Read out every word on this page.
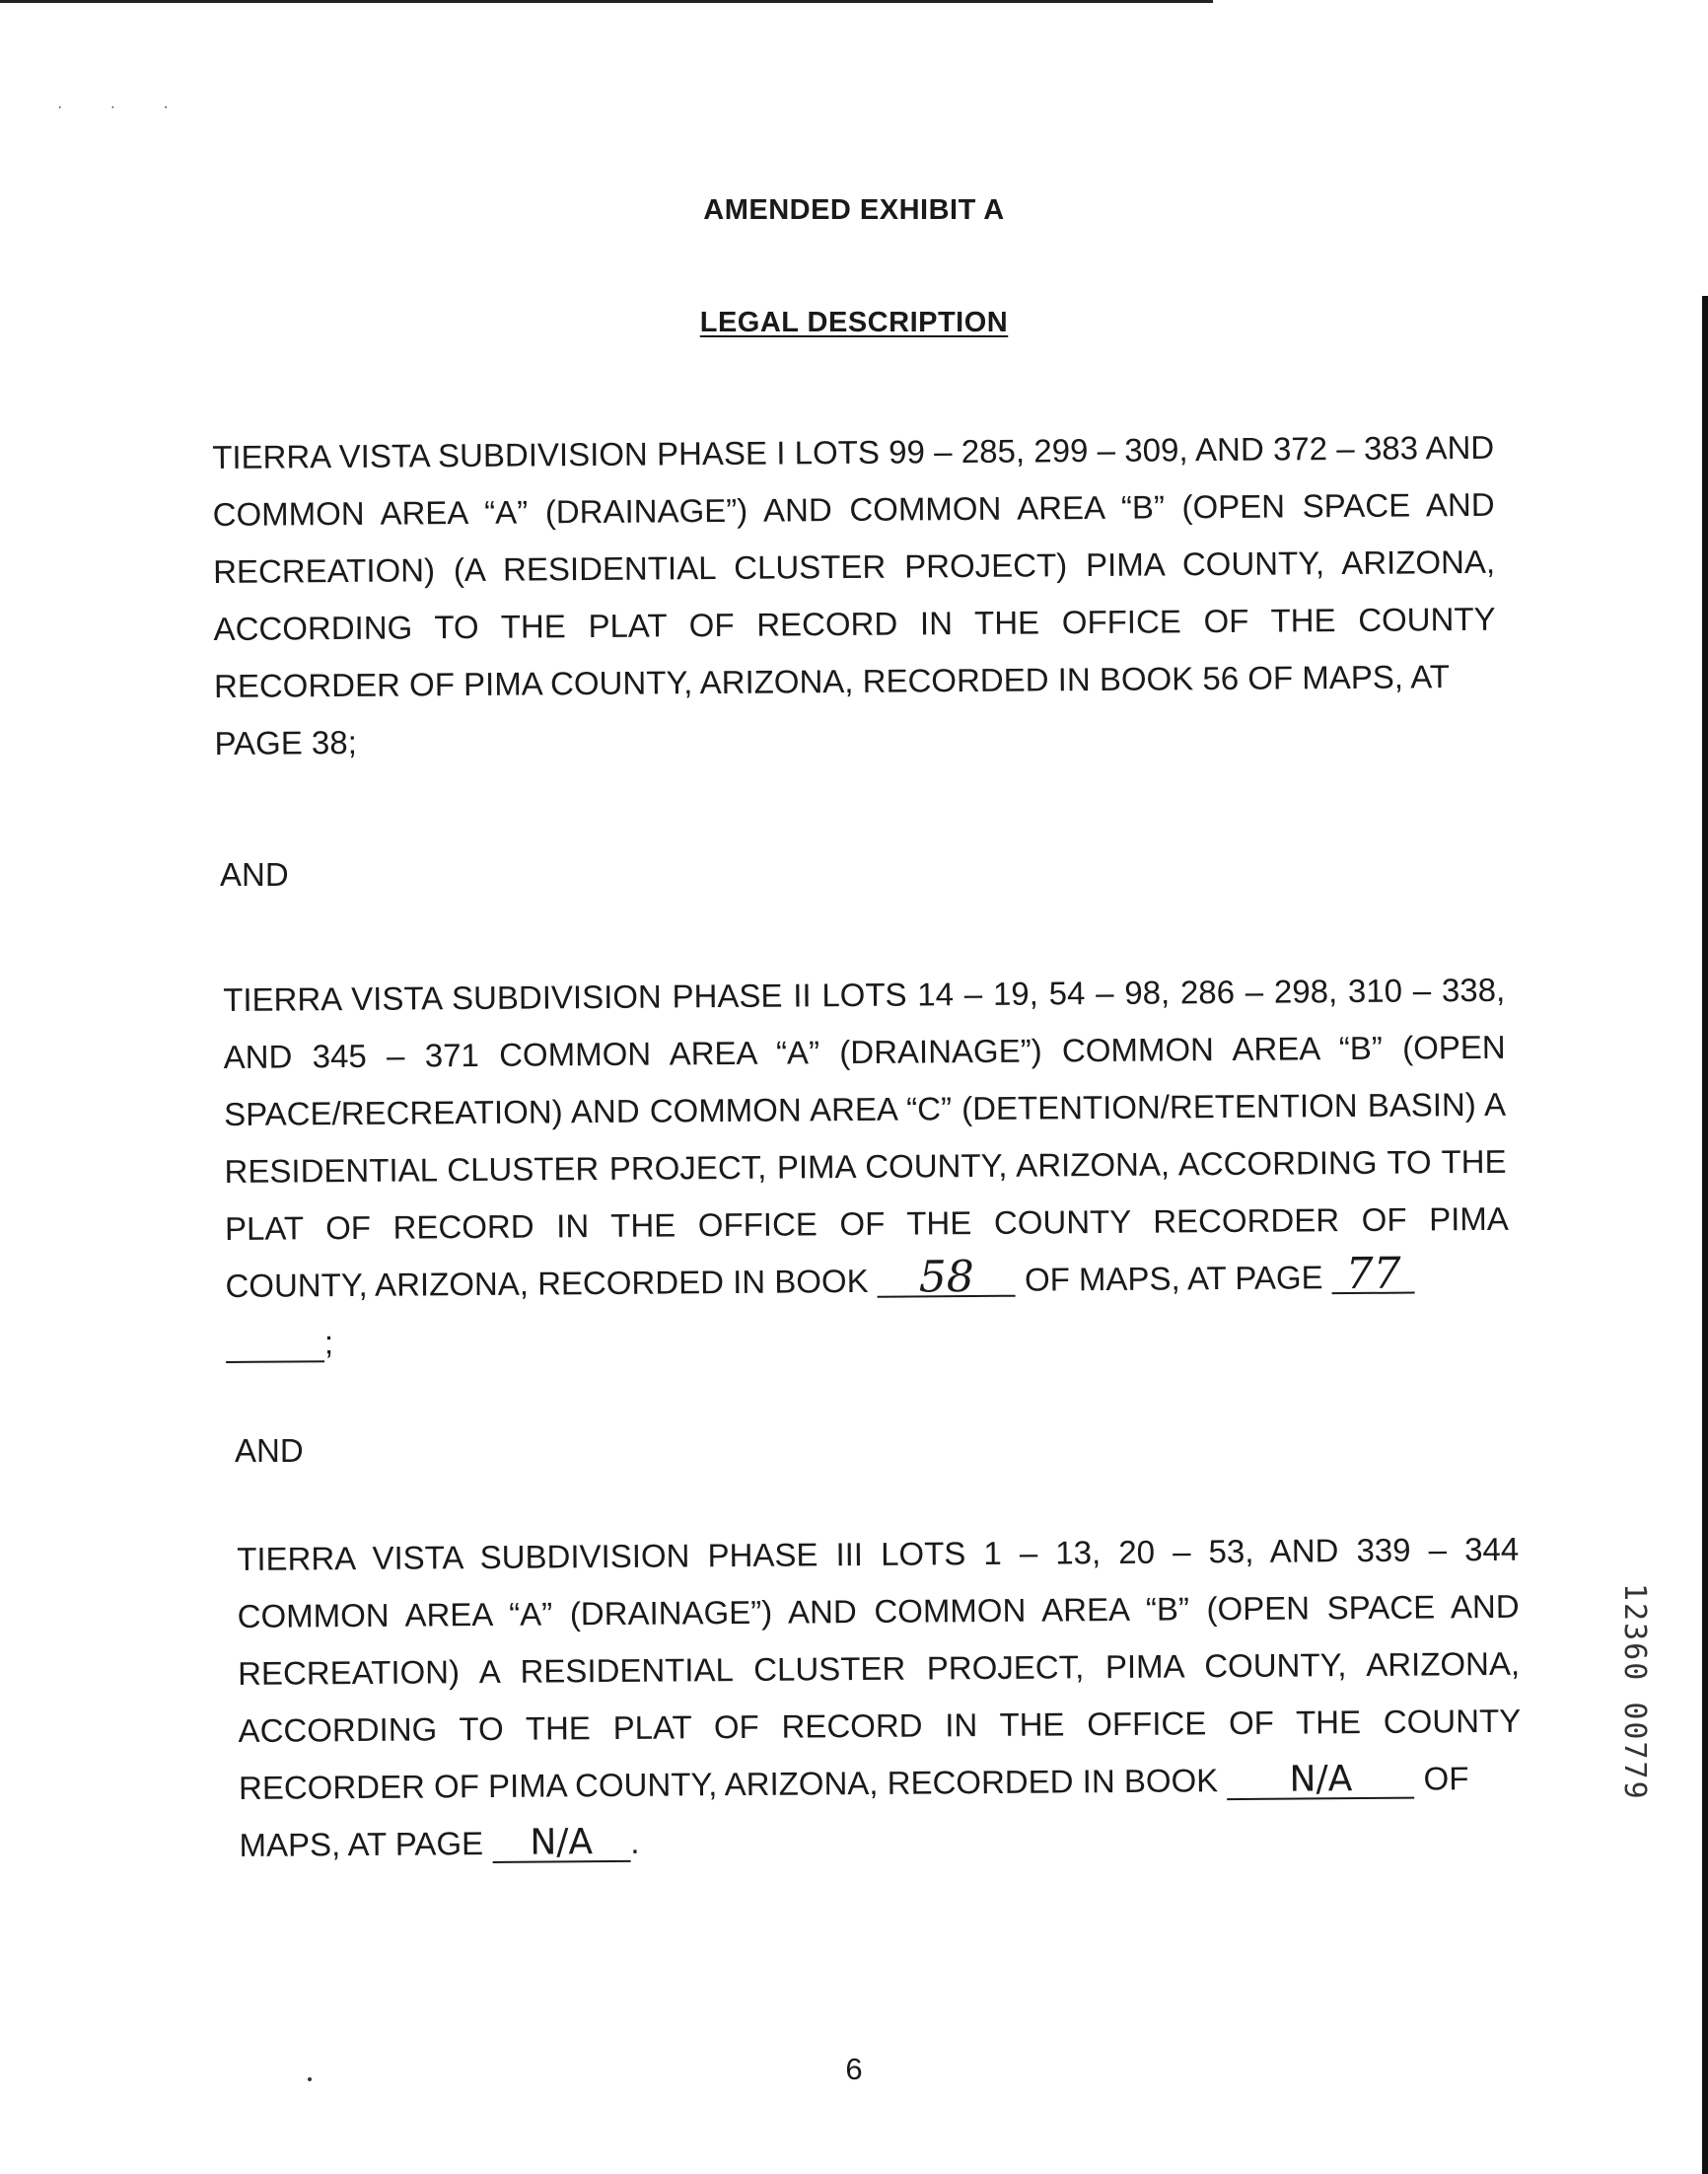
· · ·
AMENDED EXHIBIT A
LEGAL DESCRIPTION

TIERRA VISTA SUBDIVISION PHASE I LOTS 99 – 285, 299 – 309, AND 372 – 383 AND COMMON AREA “A” (DRAINAGE”) AND COMMON AREA “B” (OPEN SPACE AND RECREATION) (A RESIDENTIAL CLUSTER PROJECT) PIMA COUNTY, ARIZONA, ACCORDING TO THE PLAT OF RECORD IN THE OFFICE OF THE COUNTY RECORDER OF PIMA COUNTY, ARIZONA, RECORDED IN BOOK 56 OF MAPS, AT
PAGE 38;

AND

TIERRA VISTA SUBDIVISION PHASE II LOTS 14 – 19, 54 – 98, 286 – 298, 310 – 338, AND 345 – 371 COMMON AREA “A” (DRAINAGE”) COMMON AREA “B” (OPEN SPACE/RECREATION) AND COMMON AREA “C” (DETENTION/RETENTION BASIN) A RESIDENTIAL CLUSTER PROJECT, PIMA COUNTY, ARIZONA, ACCORDING TO THE PLAT OF RECORD IN THE OFFICE OF THE COUNTY RECORDER OF PIMA COUNTY, ARIZONA, RECORDED IN BOOK 58 OF MAPS, AT PAGE 77
;

AND

TIERRA VISTA SUBDIVISION PHASE III LOTS 1 – 13, 20 – 53, AND 339 – 344 COMMON AREA “A” (DRAINAGE”) AND COMMON AREA “B” (OPEN SPACE AND RECREATION) A RESIDENTIAL CLUSTER PROJECT, PIMA COUNTY, ARIZONA, ACCORDING TO THE PLAT OF RECORD IN THE OFFICE OF THE COUNTY RECORDER OF PIMA COUNTY, ARIZONA, RECORDED IN BOOK N/A OF
MAPS, AT PAGE N/A .

12360 00779
6
